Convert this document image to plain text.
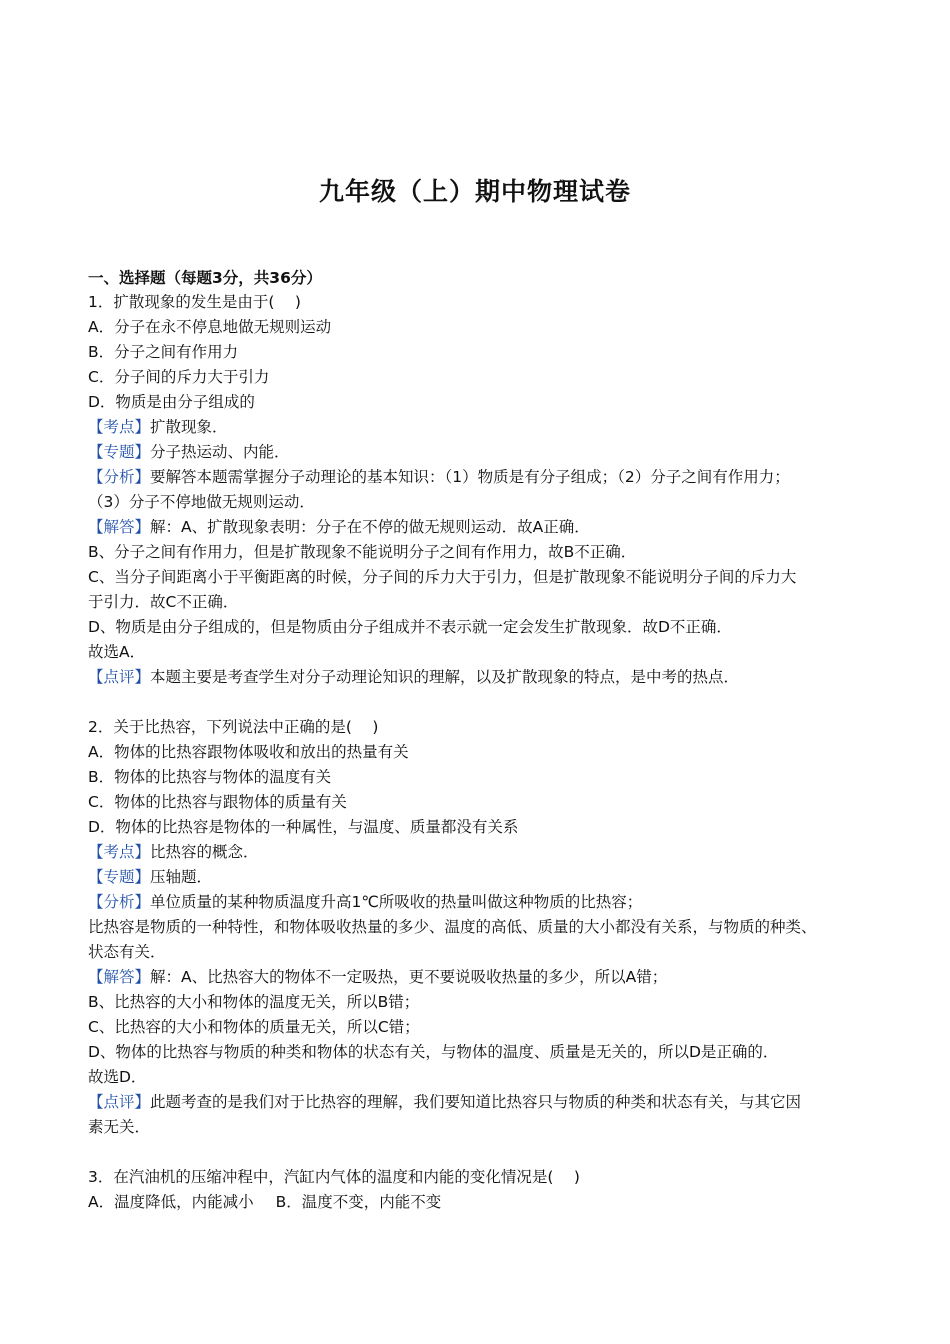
九年级（上）期中物理试卷
一、选择题（每题3分，共36分）
1．扩散现象的发生是由于(　 )
A．分子在永不停息地做无规则运动
B．分子之间有作用力
C．分子间的斥力大于引力
D．物质是由分子组成的
【考点】扩散现象．
【专题】分子热运动、内能．
【分析】要解答本题需掌握分子动理论的基本知识：（1）物质是有分子组成；（2）分子之间有作用力；
（3）分子不停地做无规则运动．
【解答】解：A、扩散现象表明：分子在不停的做无规则运动．故A正确．
B、分子之间有作用力，但是扩散现象不能说明分子之间有作用力，故B不正确．
C、当分子间距离小于平衡距离的时候，分子间的斥力大于引力，但是扩散现象不能说明分子间的斥力大
于引力．故C不正确．
D、物质是由分子组成的，但是物质由分子组成并不表示就一定会发生扩散现象．故D不正确．
故选A．
【点评】本题主要是考查学生对分子动理论知识的理解，以及扩散现象的特点，是中考的热点．
2．关于比热容，下列说法中正确的是(　 )
A．物体的比热容跟物体吸收和放出的热量有关
B．物体的比热容与物体的温度有关
C．物体的比热容与跟物体的质量有关
D．物体的比热容是物体的一种属性，与温度、质量都没有关系
【考点】比热容的概念．
【专题】压轴题．
【分析】单位质量的某种物质温度升高1℃所吸收的热量叫做这种物质的比热容；
比热容是物质的一种特性，和物体吸收热量的多少、温度的高低、质量的大小都没有关系，与物质的种类、
状态有关．
【解答】解：A、比热容大的物体不一定吸热，更不要说吸收热量的多少，所以A错；
B、比热容的大小和物体的温度无关，所以B错；
C、比热容的大小和物体的质量无关，所以C错；
D、物体的比热容与物质的种类和物体的状态有关，与物体的温度、质量是无关的，所以D是正确的．
故选D．
【点评】此题考查的是我们对于比热容的理解，我们要知道比热容只与物质的种类和状态有关，与其它因
素无关．
3．在汽油机的压缩冲程中，汽缸内气体的温度和内能的变化情况是(　 )
A．温度降低，内能减小 B．温度不变，内能不变
